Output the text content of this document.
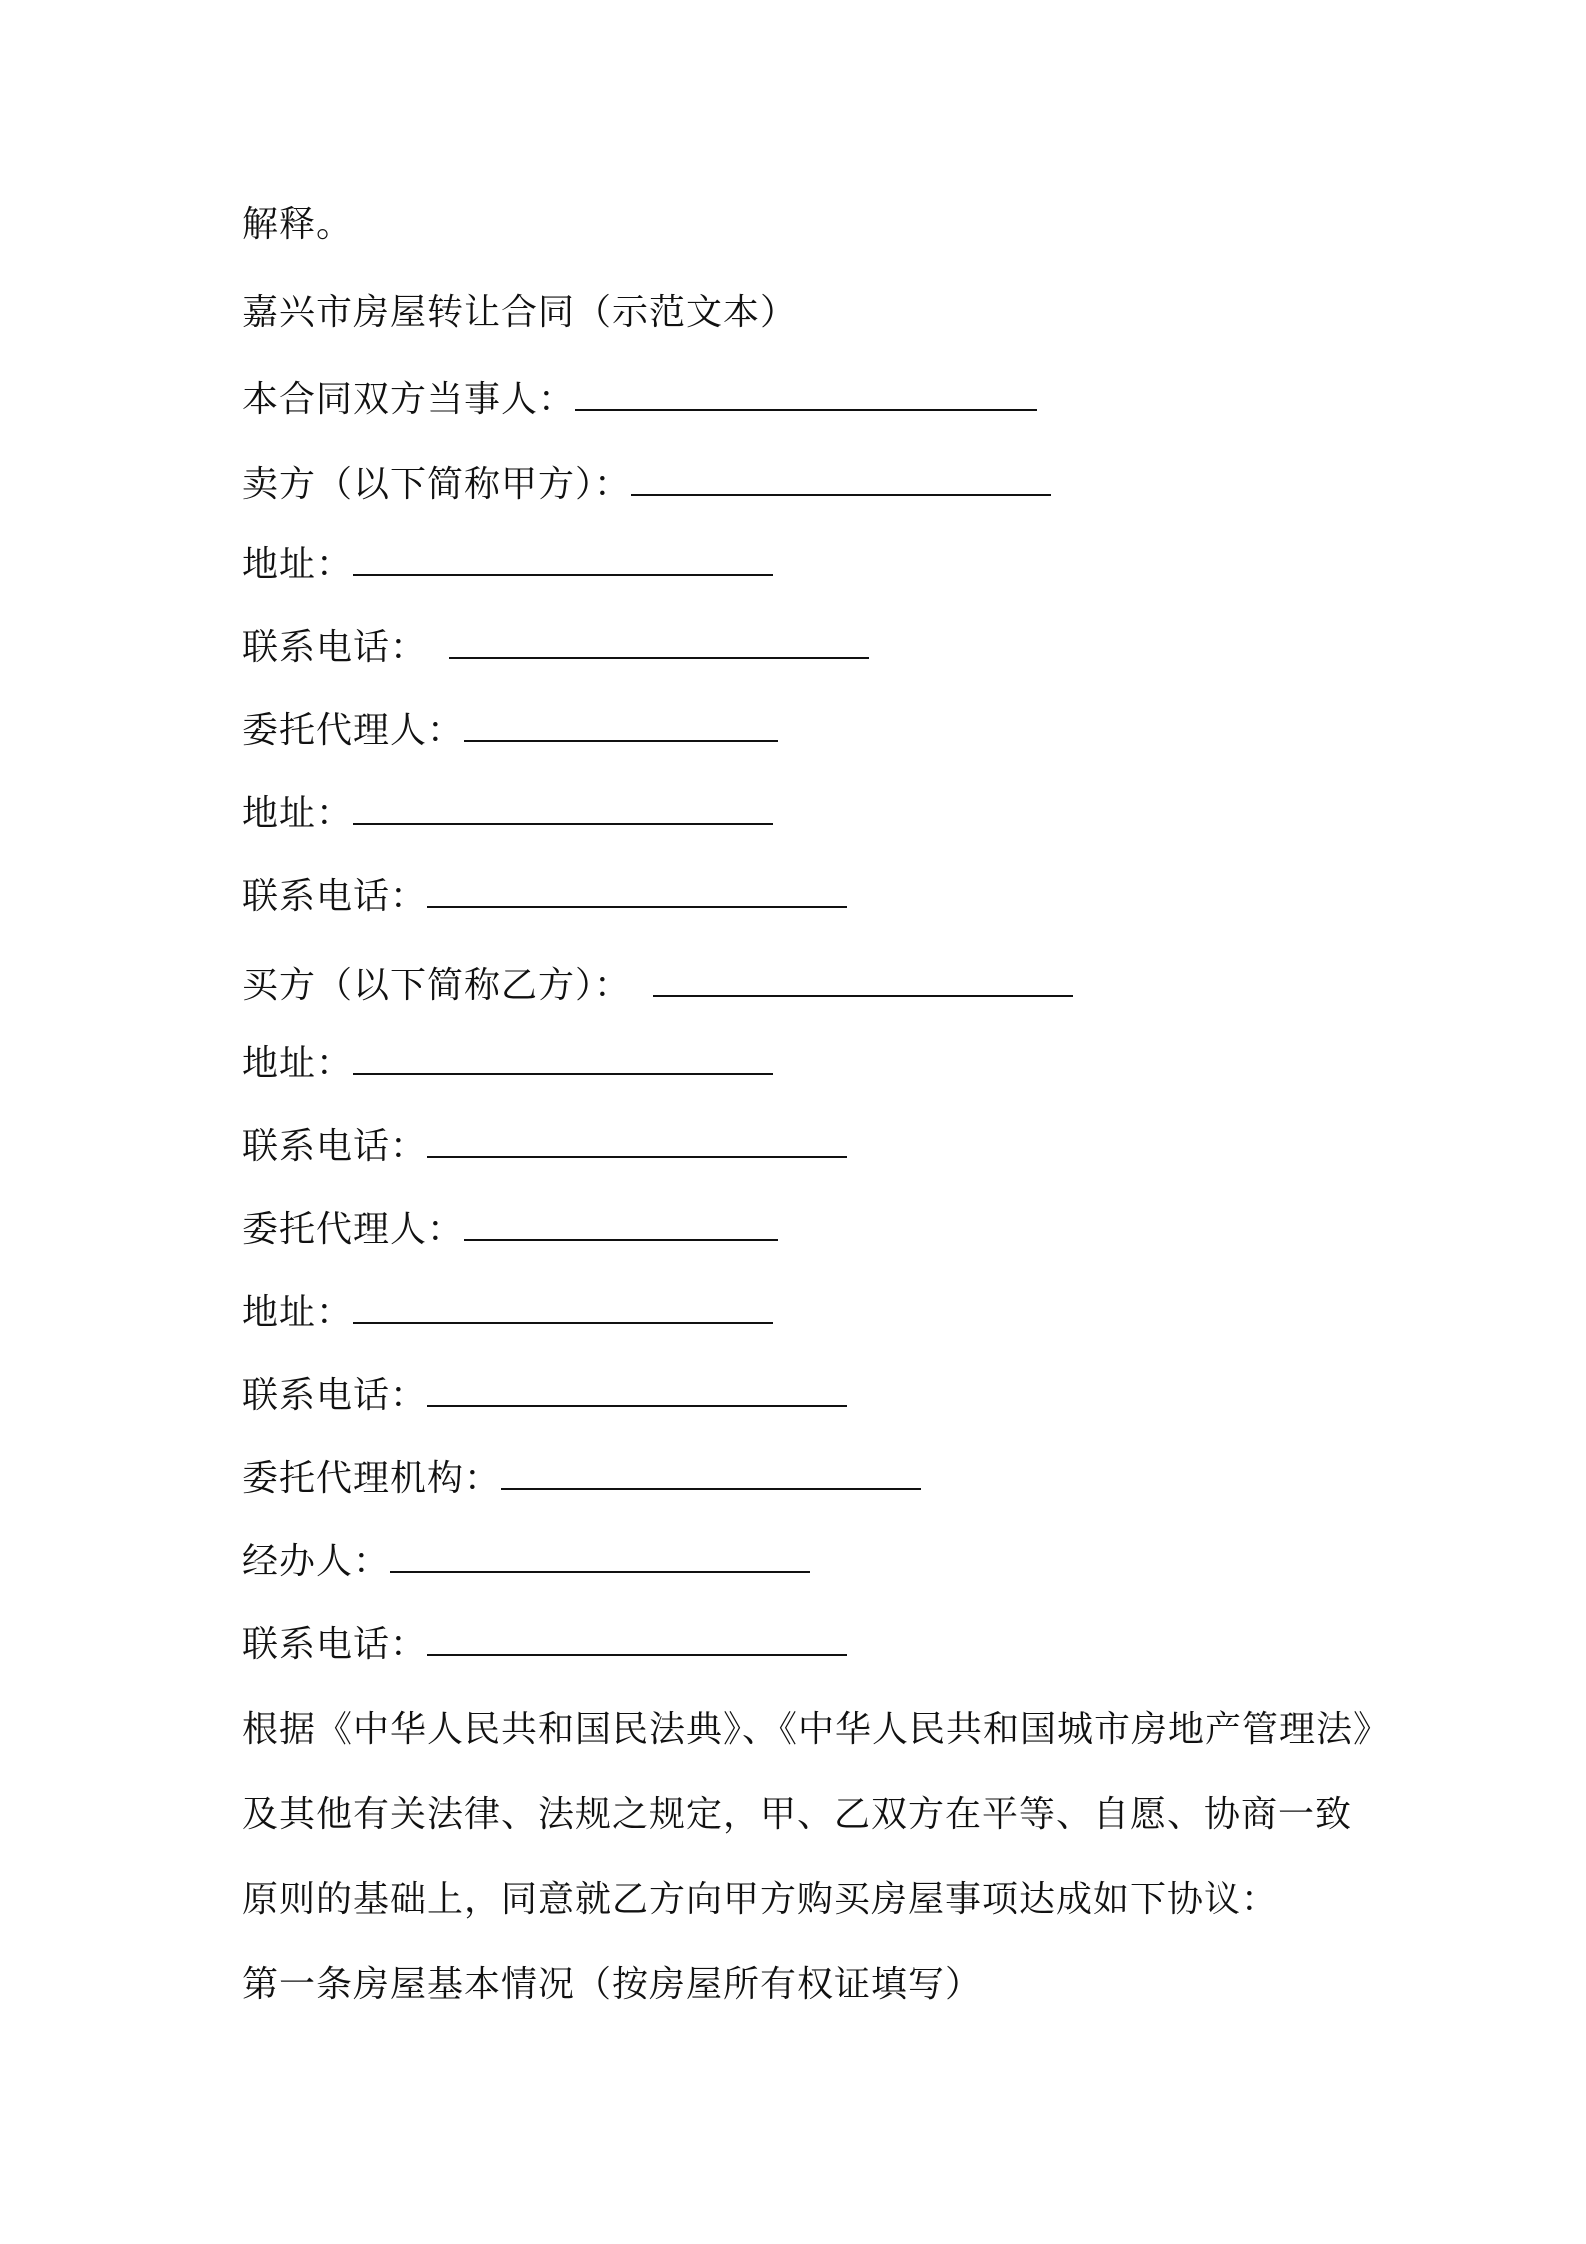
解释。
嘉兴市房屋转让合同（示范文本）
本合同双方当事人：
卖方（以下简称甲方）：
地址：
联系电话：
委托代理人：
地址：
联系电话：
买方（以下简称乙方）：
地址：
联系电话：
委托代理人：
地址：
联系电话：
委托代理机构：
经办人：
联系电话：
根据《中华人民共和国民法典》、《中华人民共和国城市房地产管理法》
及其他有关法律、法规之规定，甲、乙双方在平等、自愿、协商一致
原则的基础上，同意就乙方向甲方购买房屋事项达成如下协议：
第一条房屋基本情况（按房屋所有权证填写）
